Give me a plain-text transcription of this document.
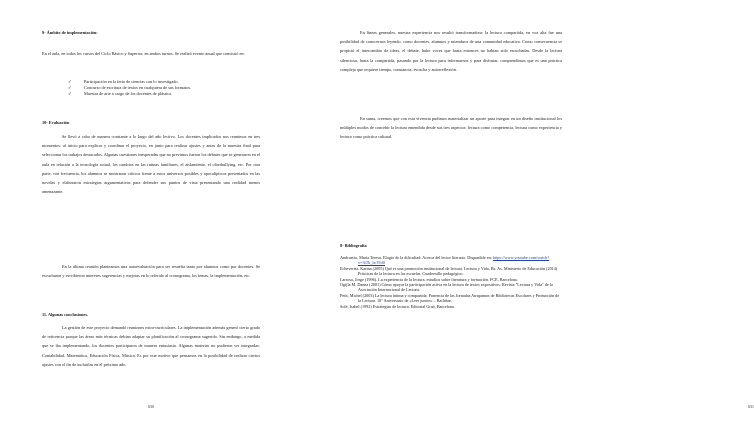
9- Ámbito de implementación:

En el aula, en todos los cursos del Ciclo Básico y Superior, en ambos turnos. Se realizó evento anual que consistió en:

✓ Participación en la feria de ciencias con lo investigado.
✓ Concurso de escritura de textos en cualquiera de sus formatos.
✓ Muestra de arte a cargo de los docentes de plástica.

10- Evaluación

Se llevó a cabo de manera constante a lo largo del año lectivo. Los docentes implicados nos reunimos en tres momentos: al inicio para explicar y coordinar el proyecto, en junio para realizar ajustes y antes de la muestra final para seleccionar los trabajos destacados. Algunas cuestiones inesperadas que no previmos fueron los debates que se generaron en el aula en relación a la tecnología actual, los cambios en las rutinas familiares, el aislamiento, el ciberbullying, etc. Por otra parte, con frecuencia, los alumnos se mostraron críticos frente a estos universos posibles y apocalípticos presentados en las novelas y elaboraron estrategias argumentativas para defender sus puntos de vista presentando una realidad menos amenazante.

En la última reunión planteamos una autoevaluación para ser resuelta tanto por alumnos como por docentes. Se escucharon y escribieron intereses sugerencias y mejoras en lo referido al cronograma, los temas, la implementación, etc.

11. Algunas conclusiones.

La gestión de este proyecto demandó reuniones extra-curriculares. La implementación además generó cierto grado de reticencia porque las áreas más técnicas debían adaptar su planificación al cronograma sugerido. Sin embargo, a medida que se iba implementando, los docentes participaron de manera entusiasta. Algunas materias no pudieron ser integradas: Contabilidad, Matemática, Educación Física, Música. Es por este motivo que pensamos en la posibilidad de realizar ciertos ajustes con el fin de incluirlas en el próximo año.

630

En líneas generales, nuestra experiencia nos resultó transformadora: la lectura compartida, en voz alta fue una posibilidad de conocernos leyendo, como docentes, alumnos y miembros de una comunidad educativa. Como consecuencia se propició el intercambio de ideas, el debate, hubo voces que hasta entonces no habían sido escuchadas. Desde la lectura silenciosa, hasta la compartida, pasando por la lectura para informarnos y para disfrutar, comprendimos que es una práctica compleja que requiere tiempo, constancia, escucha y autorreflexión.

En suma, creemos que con esta vivencia pudimos materializar un aporte para integrar en un diseño institucional los múltiples modos de concebir la lectura entendida desde sus tres aspectos: lectura como competencia, lectura como experiencia y lectura como práctica cultural.

8- Bibliografía

631

Andruetto, María Teresa. Elogio de la dificultad: Acerca del lector literario. Disponible en: https://www.youtube.com/watch?v=3tTk_bcY6f0

Echeverría, Karina (2005) Qué es una promoción institucional de lectura. Lectura y Vida, Bs. As. Ministerio de Educación (2014) Prácticas de la lectura en las escuelas, Cuadernillo pedagógico.

Larrosa, Jorge (1996). La experiencia de la lectura, estudios sobre literatura y formación. FCE, Barcelona.

Ogijla M. Danna (2001) Cómo apoyar la participación activa en la lectura de textos expositivos. Revista "Lectura y Vida" de la Asociación Internacional de Lectura.

Petit, Michel (2003) La lectura íntima y compartida. Ponencia de las Jornadas Atrapamos de Bibliotecas Escolares y Promoción de la Lectura. 10° Aniversario de «Leer juntos» – Bailabar.

Solé, Isabel (1992) Estrategias de lectura. Editorial Graó, Barcelona.
